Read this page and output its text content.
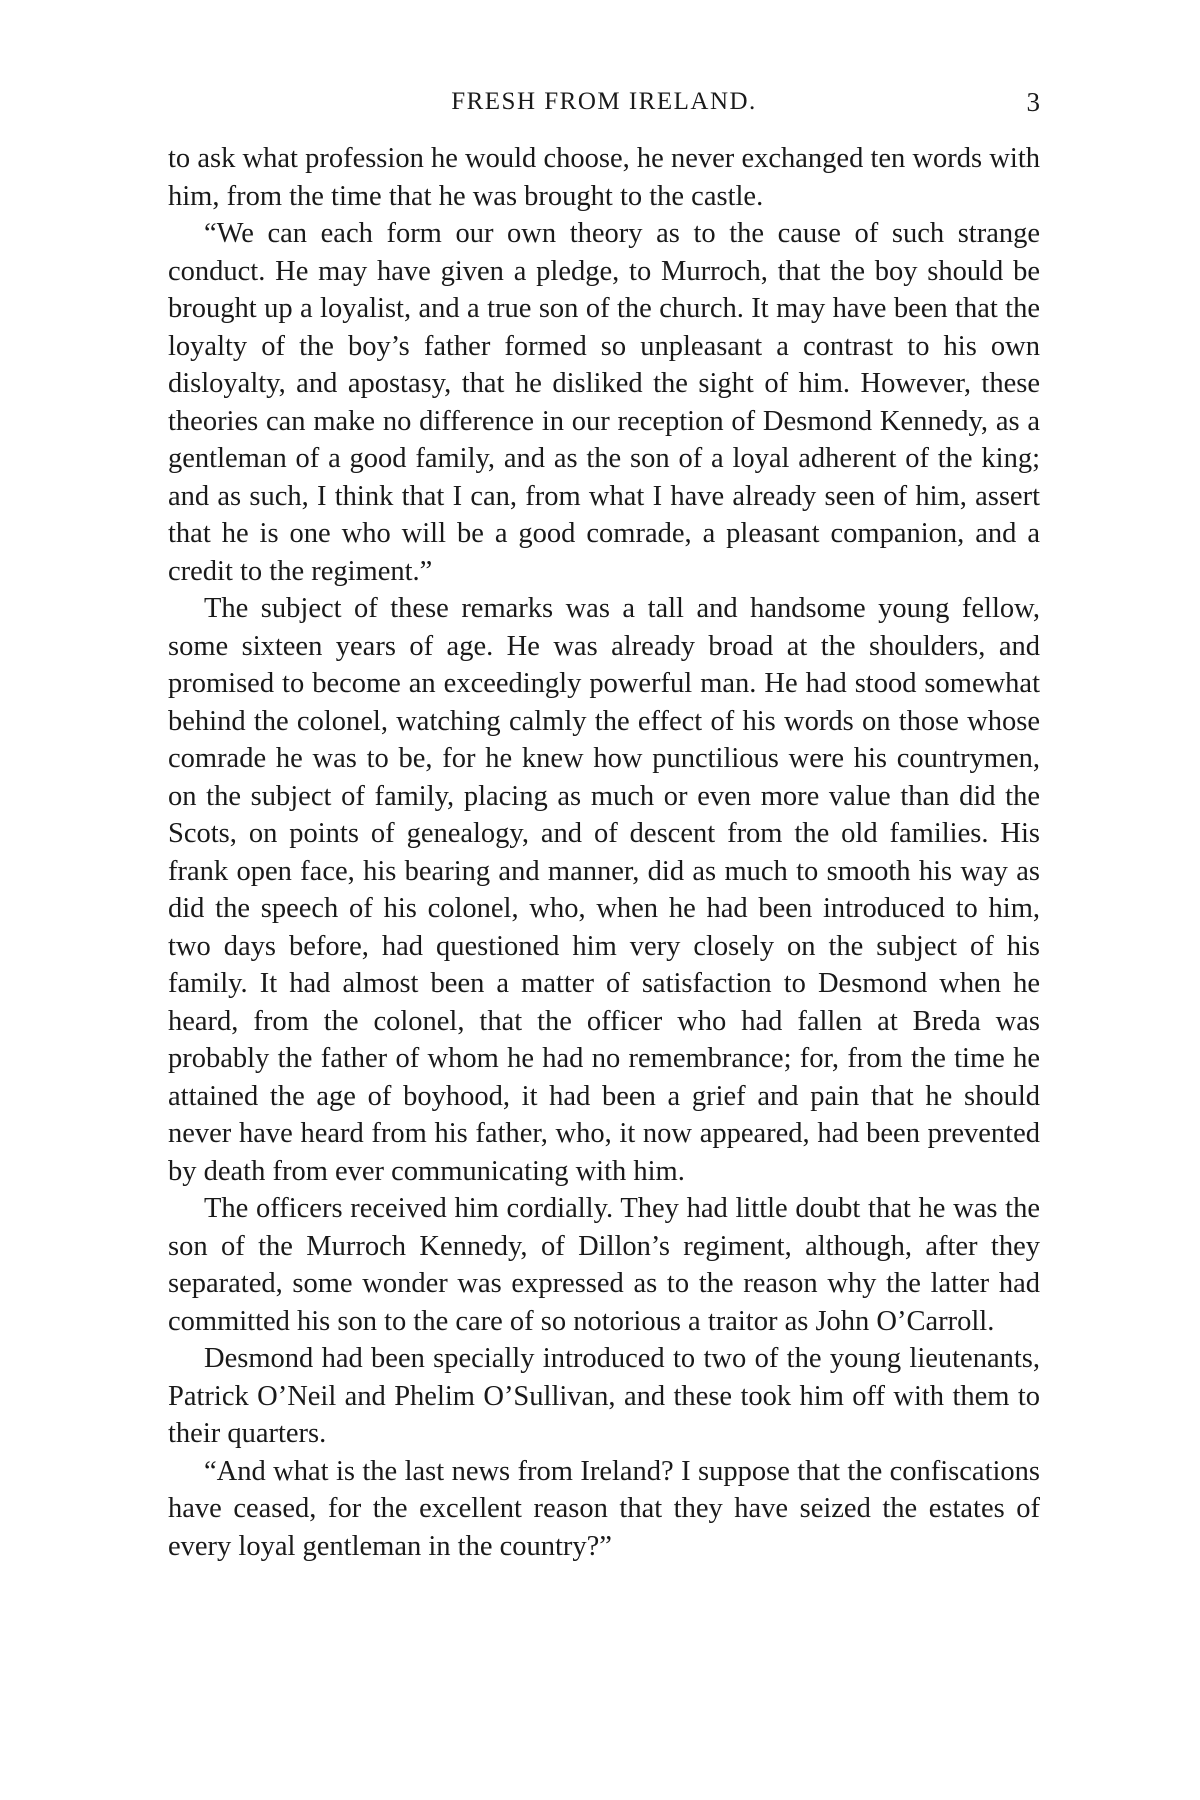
FRESH FROM IRELAND.	3

to ask what profession he would choose, he never exchanged ten words with him, from the time that he was brought to the castle.

“We can each form our own theory as to the cause of such strange conduct. He may have given a pledge, to Murroch, that the boy should be brought up a loyalist, and a true son of the church. It may have been that the loyalty of the boy’s father formed so unpleasant a contrast to his own disloyalty, and apostasy, that he disliked the sight of him. However, these theories can make no difference in our reception of Desmond Kennedy, as a gentleman of a good family, and as the son of a loyal adherent of the king; and as such, I think that I can, from what I have already seen of him, assert that he is one who will be a good comrade, a pleasant companion, and a credit to the regiment.”

The subject of these remarks was a tall and handsome young fellow, some sixteen years of age. He was already broad at the shoulders, and promised to become an exceedingly powerful man. He had stood somewhat behind the colonel, watching calmly the effect of his words on those whose comrade he was to be, for he knew how punctilious were his countrymen, on the subject of family, placing as much or even more value than did the Scots, on points of genealogy, and of descent from the old families. His frank open face, his bearing and manner, did as much to smooth his way as did the speech of his colonel, who, when he had been introduced to him, two days before, had questioned him very closely on the subject of his family. It had almost been a matter of satisfaction to Desmond when he heard, from the colonel, that the officer who had fallen at Breda was probably the father of whom he had no remembrance; for, from the time he attained the age of boyhood, it had been a grief and pain that he should never have heard from his father, who, it now appeared, had been prevented by death from ever communicating with him.

The officers received him cordially. They had little doubt that he was the son of the Murroch Kennedy, of Dillon’s regiment, although, after they separated, some wonder was expressed as to the reason why the latter had committed his son to the care of so notorious a traitor as John O’Carroll.

Desmond had been specially introduced to two of the young lieutenants, Patrick O’Neil and Phelim O’Sullivan, and these took him off with them to their quarters.

“And what is the last news from Ireland? I suppose that the confiscations have ceased, for the excellent reason that they have seized the estates of every loyal gentleman in the country?”
